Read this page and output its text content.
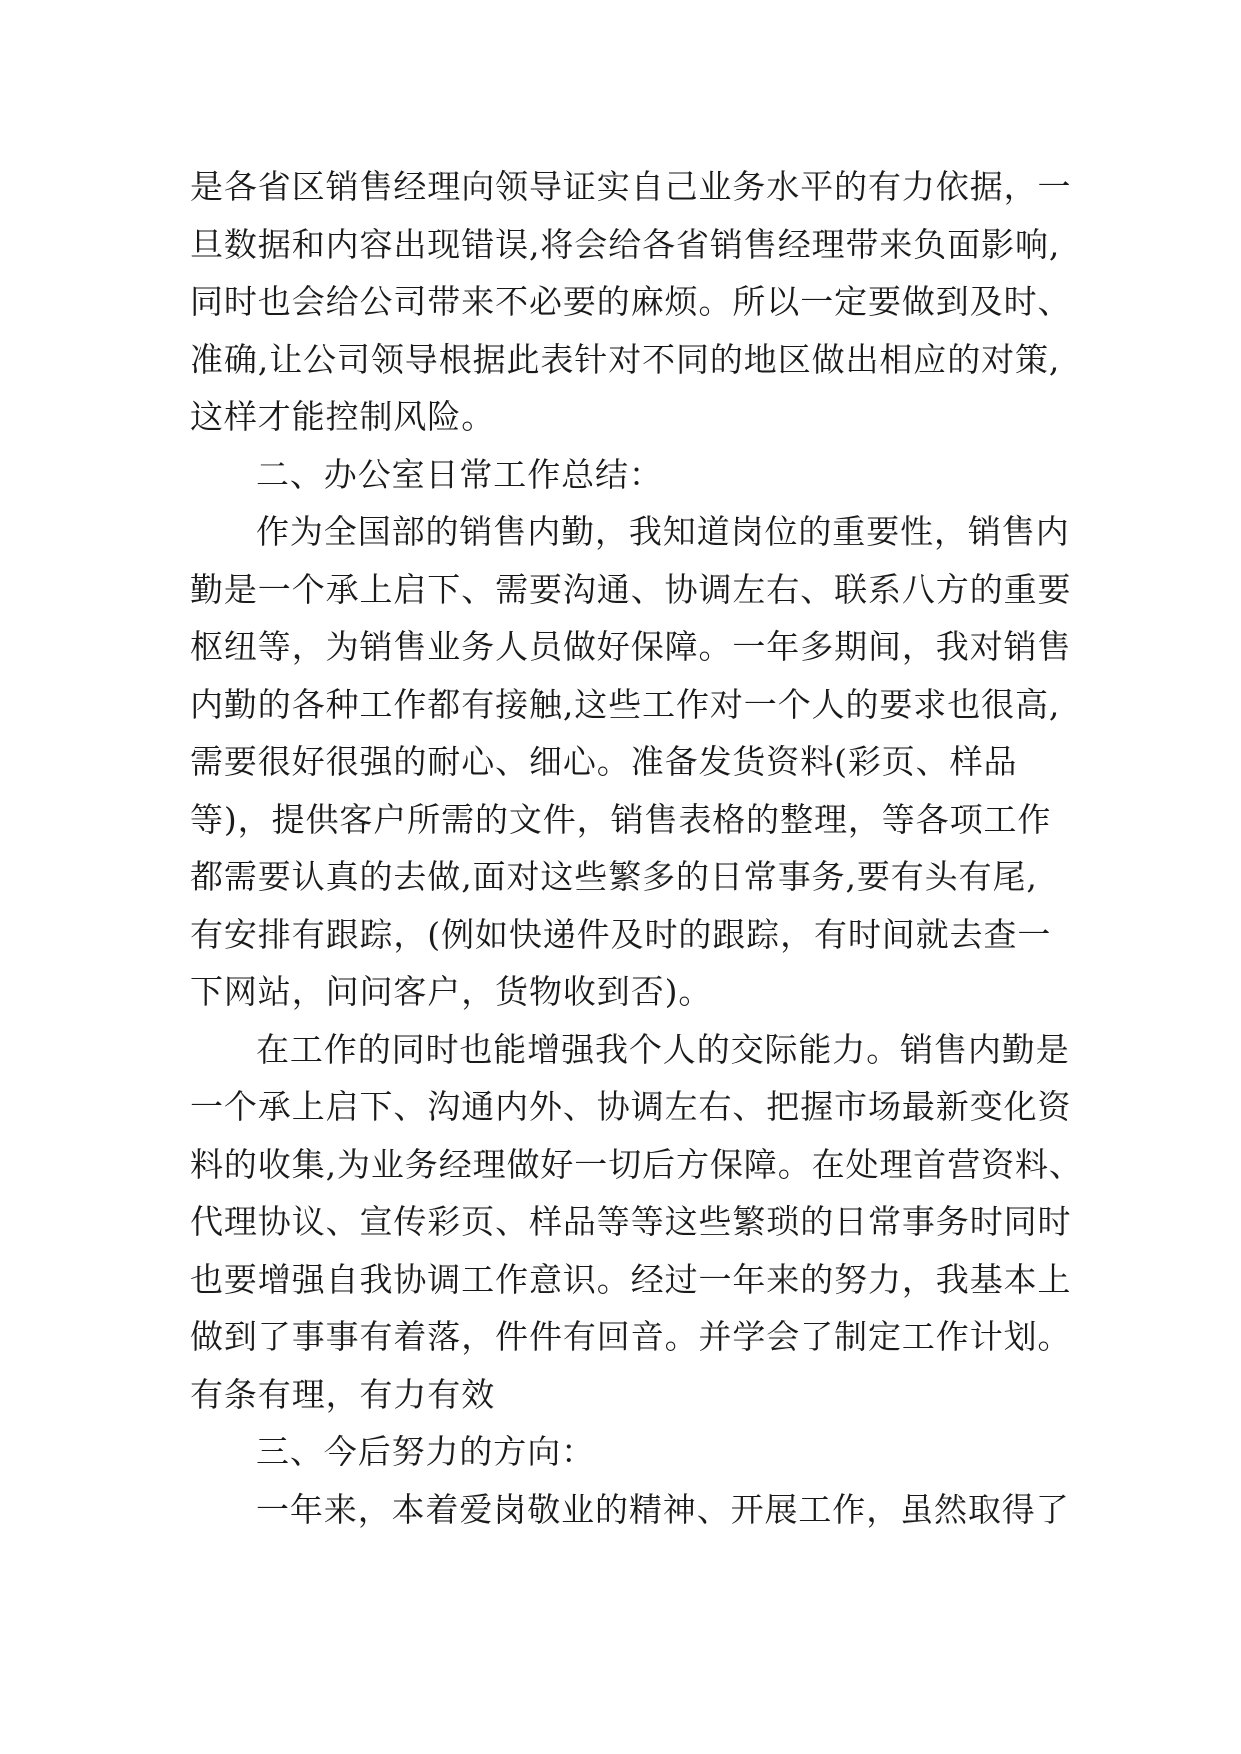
是各省区销售经理向领导证实自己业务水平的有力依据，一
旦数据和内容出现错误,将会给各省销售经理带来负面影响,
同时也会给公司带来不必要的麻烦。所以一定要做到及时、
准确,让公司领导根据此表针对不同的地区做出相应的对策,
这样才能控制风险。
二、办公室日常工作总结：
作为全国部的销售内勤，我知道岗位的重要性，销售内
勤是一个承上启下、需要沟通、协调左右、联系八方的重要
枢纽等，为销售业务人员做好保障。一年多期间，我对销售
内勤的各种工作都有接触,这些工作对一个人的要求也很高,
需要很好很强的耐心、细心。准备发货资料(彩页、样品
等)，提供客户所需的文件，销售表格的整理，等各项工作
都需要认真的去做,面对这些繁多的日常事务,要有头有尾,
有安排有跟踪，(例如快递件及时的跟踪，有时间就去查一
下网站，问问客户，货物收到否)。
在工作的同时也能增强我个人的交际能力。销售内勤是
一个承上启下、沟通内外、协调左右、把握市场最新变化资
料的收集,为业务经理做好一切后方保障。在处理首营资料、
代理协议、宣传彩页、样品等等这些繁琐的日常事务时同时
也要增强自我协调工作意识。经过一年来的努力，我基本上
做到了事事有着落，件件有回音。并学会了制定工作计划。
有条有理，有力有效
三、今后努力的方向：
一年来，本着爱岗敬业的精神、开展工作，虽然取得了
